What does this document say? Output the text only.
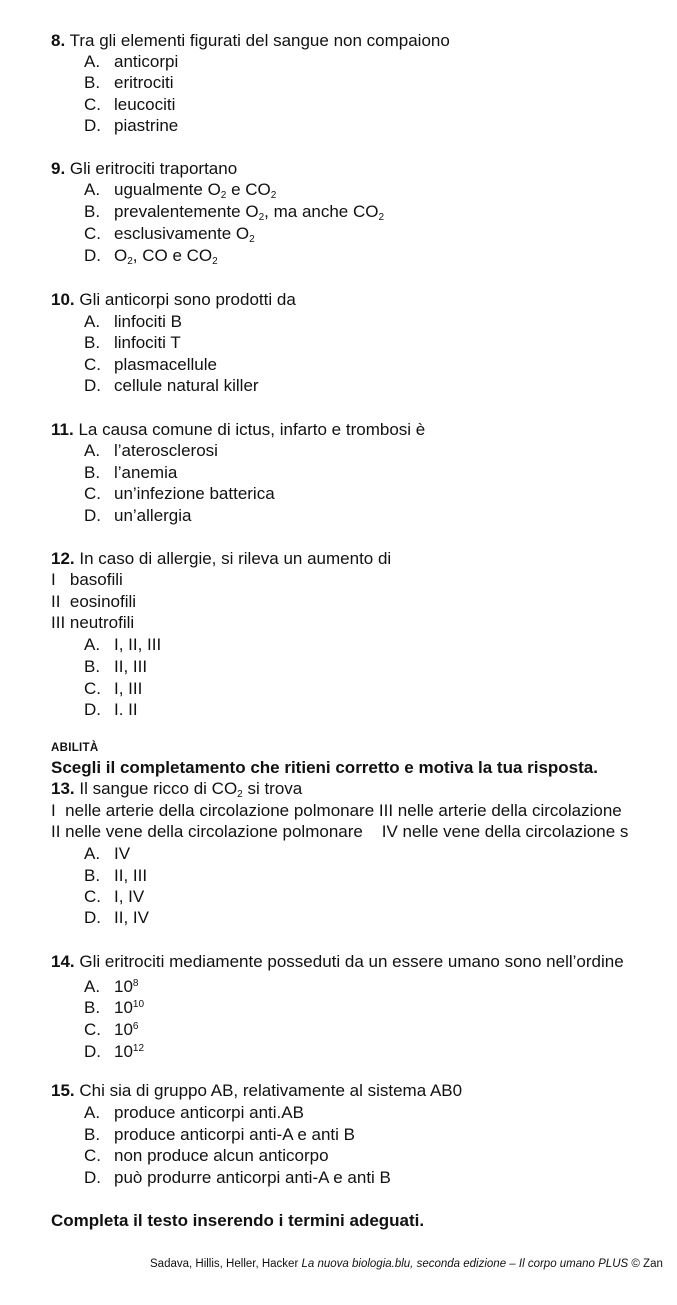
8. Tra gli elementi figurati del sangue non compaiono
A. anticorpi
B. eritrociti
C. leucociti
D. piastrine
9. Gli eritrociti traportano
A. ugualmente $O_2$ e $CO_2$
B. prevalentemente $O_2$, ma anche $CO_2$
C. esclusivamente $O_2$
D. $O_2$, CO e $CO_2$
10. Gli anticorpi sono prodotti da
A. linfociti B
B. linfociti T
C. plasmacellule
D. cellule natural killer
11. La causa comune di ictus, infarto e trombosi è
A. l’aterosclerosi
B. l’anemia
C. un’infezione batterica
D. un’allergia
12. In caso di allergie, si rileva un aumento di
I   basofili
II  eosinofili
III neutrofili
A. I, II, III
B. II, III
C. I, III
D. I. II
ABILITÀ
Scegli il completamento che ritieni corretto e motiva la tua risposta.
13. Il sangue ricco di $CO_2$ si trova
I  nelle arterie della circolazione polmonare III nelle arterie della circolazione
II nelle vene della circolazione polmonare    IV nelle vene della circolazione s
A. IV
B. II, III
C. I, IV
D. II, IV
14. Gli eritrociti mediamente posseduti da un essere umano sono nell’ordine
A. $10^8$
B. $10^{10}$
C. $10^6$
D. $10^{12}$
15. Chi sia di gruppo AB, relativamente al sistema AB0
A. produce anticorpi anti.AB
B. produce anticorpi anti-A e anti B
C. non produce alcun anticorpo
D. può produrre anticorpi anti-A e anti B
Completa il testo inserendo i termini adeguati.
Sadava, Hillis, Heller, Hacker La nuova biologia.blu, seconda edizione – Il corpo umano PLUS © Zan
